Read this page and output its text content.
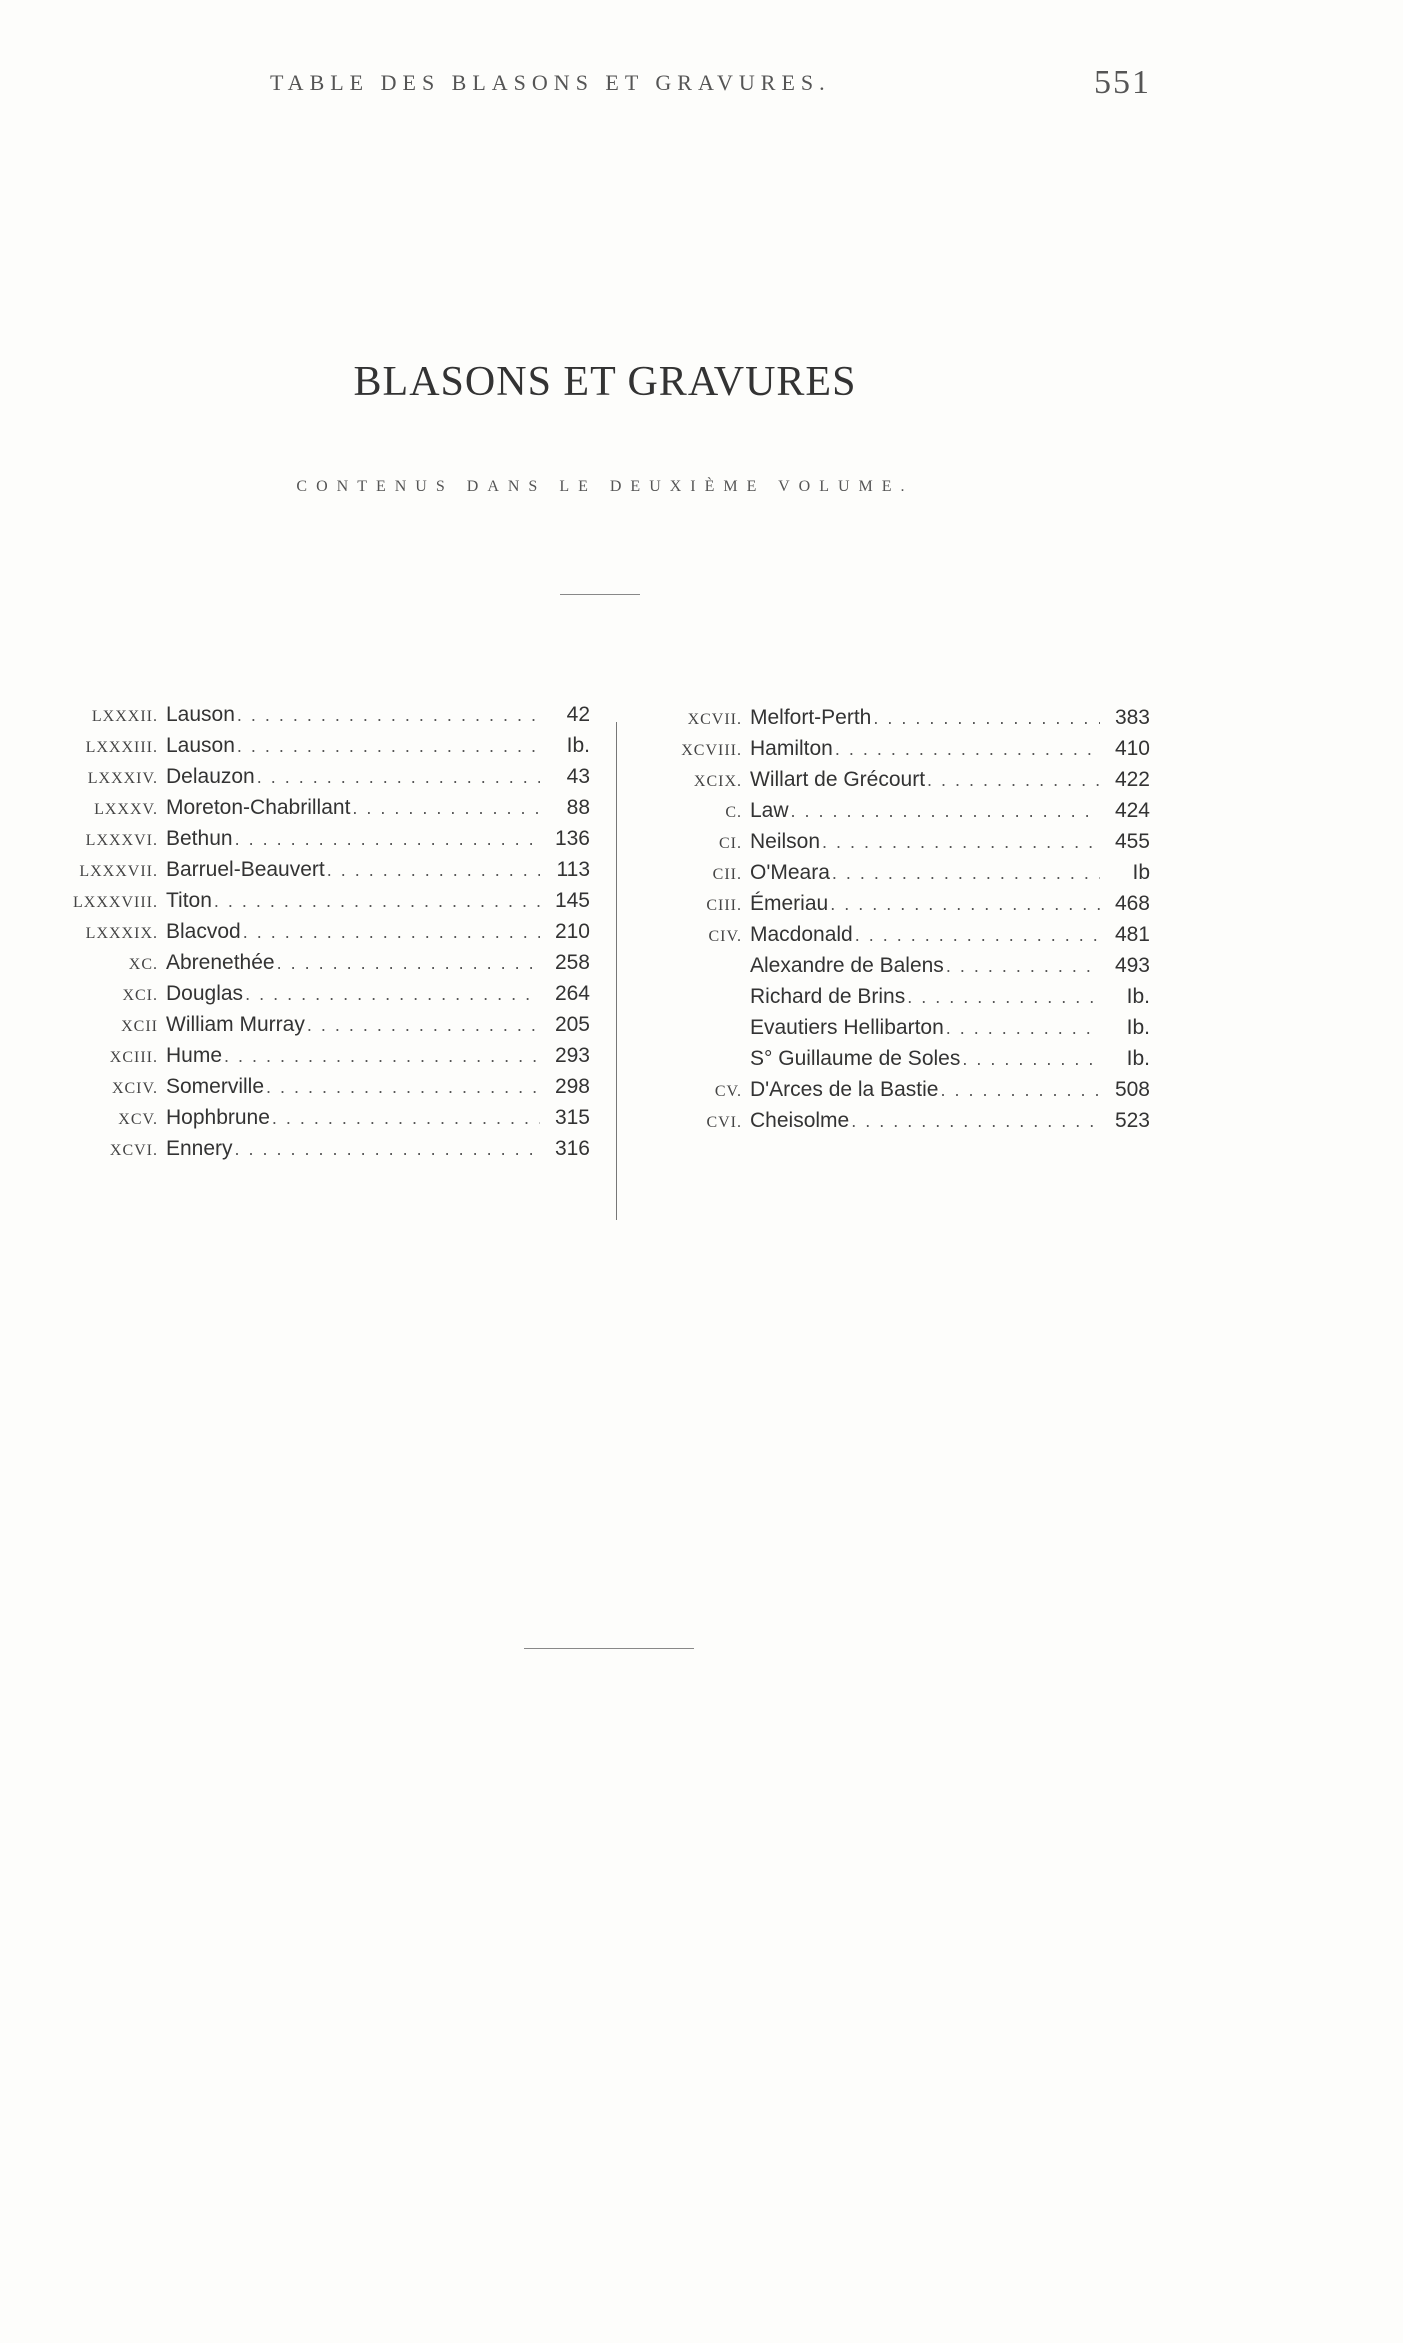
TABLE DES BLASONS ET GRAVURES.	551
BLASONS ET GRAVURES
CONTENUS DANS LE DEUXIÈME VOLUME.
LXXXII. Lauson . . .	42
LXXXIII. Lauson . . .	Ib.
LXXXIV. Delauzon . . .	43
LXXXV. Moreton-Chabrillant . . .	88
LXXXVI. Bethun . . .	136
LXXXVII. Barruel-Beauvert . . .	113
LXXXVIII. Titon . . .	145
LXXXIX. Blacvod . . .	210
XC. Abrenethée . . .	258
XCI. Douglas . . .	264
XCII William Murray . . .	205
XCIII. Hume . . .	293
XCIV. Somerville . . .	298
XCV. Hophbrune . . .	315
XCVI. Ennery . . .	316
XCVII. Melfort-Perth . . .	383
XCVIII. Hamilton . . .	410
XCIX. Willart de Grécourt . . .	422
C. Law . . .	424
CI. Neilson . . .	455
CII. O'Meara . . .	Ib
CIII. Émeriau . . .	468
CIV. Macdonald . . .	481
Alexandre de Balens . . .	493
Richard de Brins . . .	Ib.
Evautiers Hellibarton . . .	Ib.
S° Guillaume de Soles . . .	Ib.
CV. D'Arces de la Bastie . . .	508
CVI. Cheisolme . . .	523
